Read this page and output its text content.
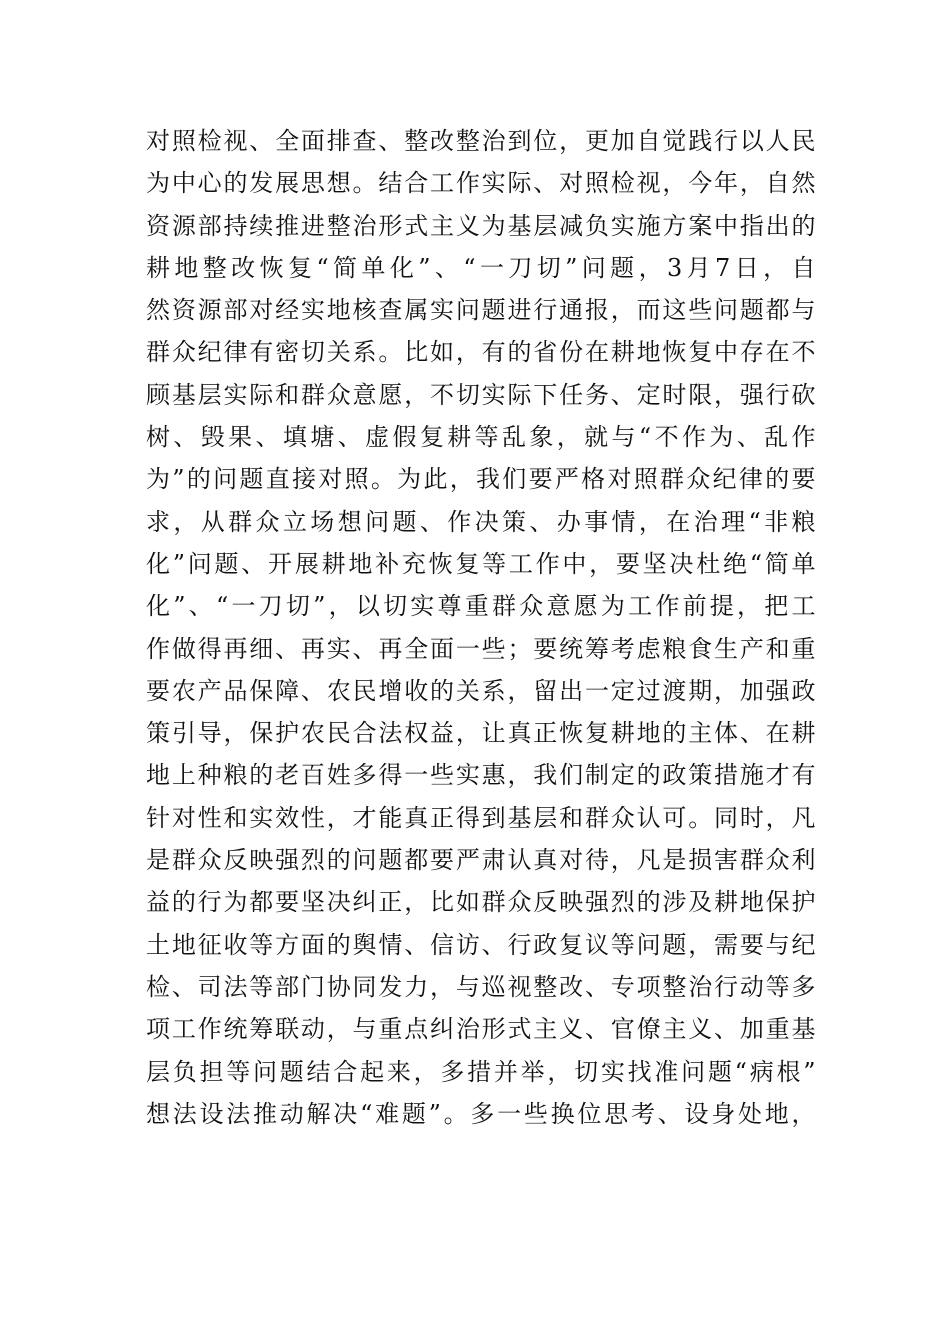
对照检视、全面排查、整改整治到位，更加自觉践行以人民
为中心的发展思想。结合工作实际、对照检视，今年，自然
资源部持续推进整治形式主义为基层减负实施方案中指出的
耕地整改恢复“简单化”、“一刀切”问题，3月7日，自
然资源部对经实地核查属实问题进行通报，而这些问题都与
群众纪律有密切关系。比如，有的省份在耕地恢复中存在不
顾基层实际和群众意愿，不切实际下任务、定时限，强行砍
树、毁果、填塘、虚假复耕等乱象，就与“不作为、乱作
为”的问题直接对照。为此，我们要严格对照群众纪律的要
求，从群众立场想问题、作决策、办事情，在治理“非粮
化”问题、开展耕地补充恢复等工作中，要坚决杜绝“简单
化”、“一刀切”，以切实尊重群众意愿为工作前提，把工
作做得再细、再实、再全面一些；要统筹考虑粮食生产和重
要农产品保障、农民增收的关系，留出一定过渡期，加强政
策引导，保护农民合法权益，让真正恢复耕地的主体、在耕
地上种粮的老百姓多得一些实惠，我们制定的政策措施才有
针对性和实效性，才能真正得到基层和群众认可。同时，凡
是群众反映强烈的问题都要严肃认真对待，凡是损害群众利
益的行为都要坚决纠正，比如群众反映强烈的涉及耕地保护
土地征收等方面的舆情、信访、行政复议等问题，需要与纪
检、司法等部门协同发力，与巡视整改、专项整治行动等多
项工作统筹联动，与重点纠治形式主义、官僚主义、加重基
层负担等问题结合起来，多措并举，切实找准问题“病根”
想法设法推动解决“难题”。多一些换位思考、设身处地，
